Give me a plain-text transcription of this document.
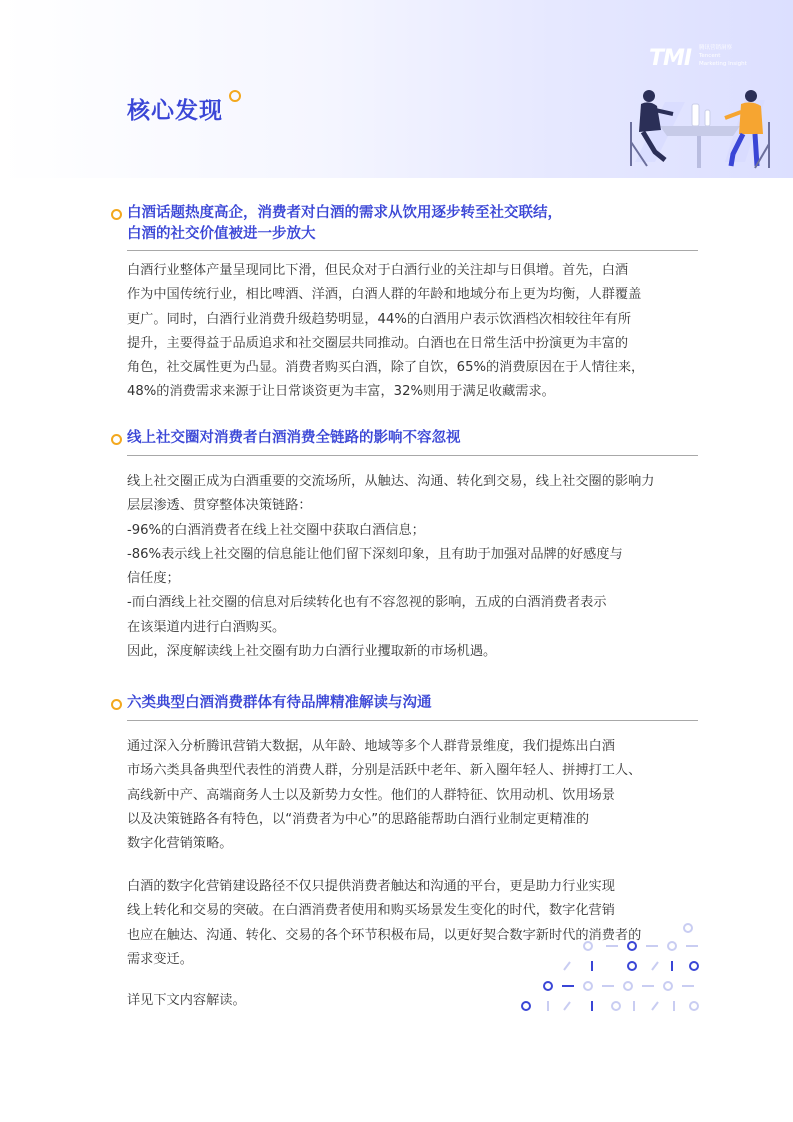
核心发现
TMI 腾讯营销洞察
Tencent
Marketing Insight
白酒话题热度高企，消费者对白酒的需求从饮用逐步转至社交联结，
白酒的社交价值被进一步放大
白酒行业整体产量呈现同比下滑，但民众对于白酒行业的关注却与日俱增。首先，白酒
作为中国传统行业，相比啤酒、洋酒，白酒人群的年龄和地域分布上更为均衡，人群覆盖
更广。同时，白酒行业消费升级趋势明显，44%的白酒用户表示饮酒档次相较往年有所
提升，主要得益于品质追求和社交圈层共同推动。白酒也在日常生活中扮演更为丰富的
角色，社交属性更为凸显。消费者购买白酒，除了自饮，65%的消费原因在于人情往来，
48%的消费需求来源于让日常谈资更为丰富，32%则用于满足收藏需求。
线上社交圈对消费者白酒消费全链路的影响不容忽视
线上社交圈正成为白酒重要的交流场所，从触达、沟通、转化到交易，线上社交圈的影响力
层层渗透、贯穿整体决策链路：
-96%的白酒消费者在线上社交圈中获取白酒信息；
-86%表示线上社交圈的信息能让他们留下深刻印象，且有助于加强对品牌的好感度与
信任度；
-而白酒线上社交圈的信息对后续转化也有不容忽视的影响，五成的白酒消费者表示
在该渠道内进行白酒购买。
因此，深度解读线上社交圈有助力白酒行业攫取新的市场机遇。
六类典型白酒消费群体有待品牌精准解读与沟通
通过深入分析腾讯营销大数据，从年龄、地域等多个人群背景维度，我们提炼出白酒
市场六类具备典型代表性的消费人群，分别是活跃中老年、新入圈年轻人、拼搏打工人、
高线新中产、高端商务人士以及新势力女性。他们的人群特征、饮用动机、饮用场景
以及决策链路各有特色，以“消费者为中心”的思路能帮助白酒行业制定更精准的
数字化营销策略。
白酒的数字化营销建设路径不仅只提供消费者触达和沟通的平台，更是助力行业实现
线上转化和交易的突破。在白酒消费者使用和购买场景发生变化的时代，数字化营销
也应在触达、沟通、转化、交易的各个环节积极布局，以更好契合数字新时代的消费者的
需求变迁。
详见下文内容解读。
